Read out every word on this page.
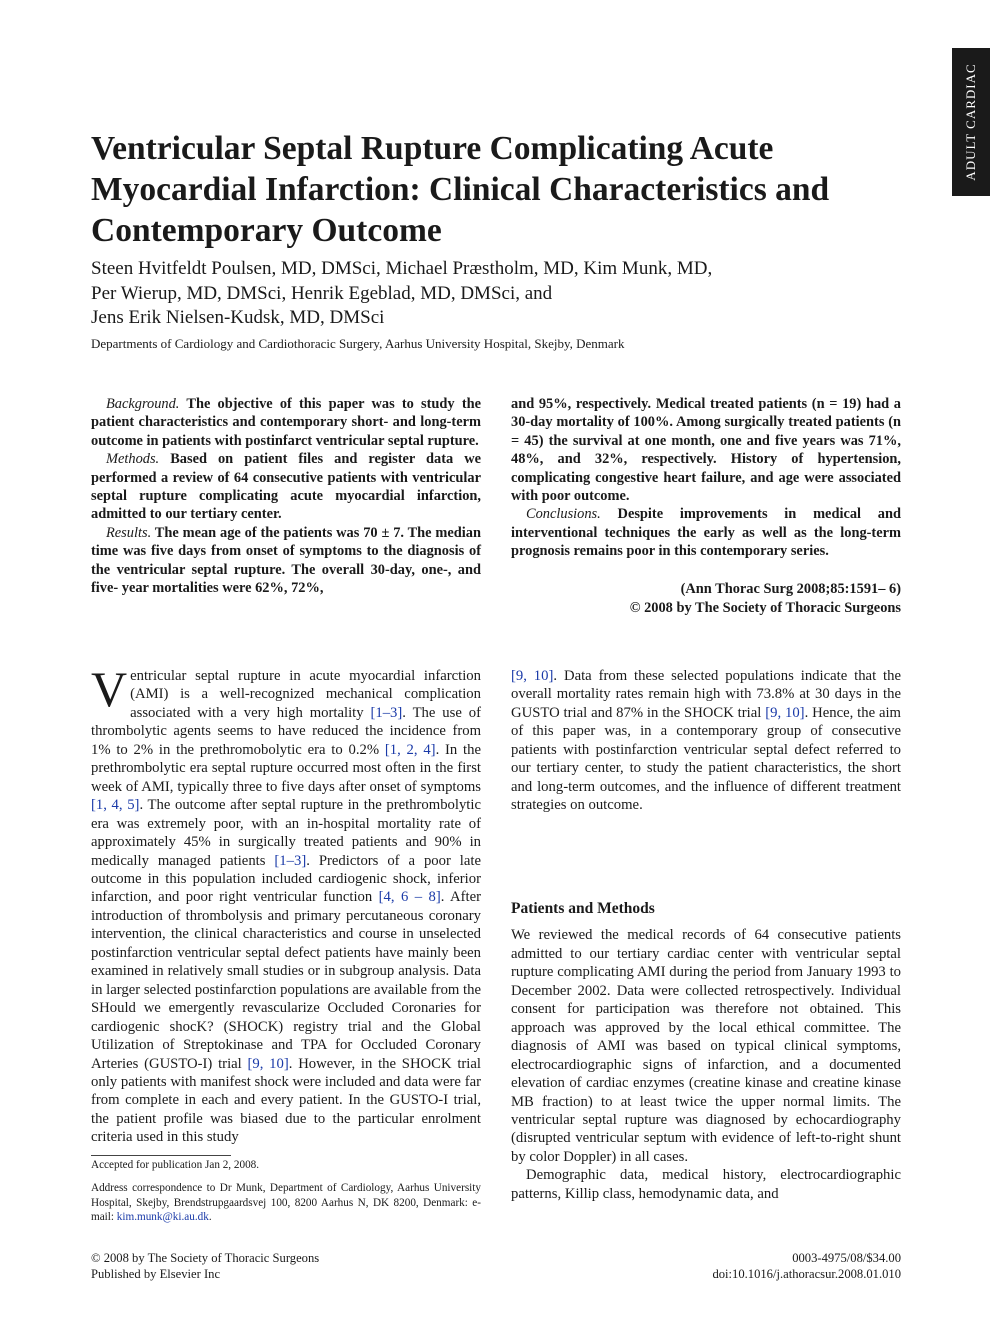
ADULT CARDIAC
Ventricular Septal Rupture Complicating Acute Myocardial Infarction: Clinical Characteristics and Contemporary Outcome
Steen Hvitfeldt Poulsen, MD, DMSci, Michael Præstholm, MD, Kim Munk, MD,
Per Wierup, MD, DMSci, Henrik Egeblad, MD, DMSci, and
Jens Erik Nielsen-Kudsk, MD, DMSci
Departments of Cardiology and Cardiothoracic Surgery, Aarhus University Hospital, Skejby, Denmark

Background. The objective of this paper was to study the patient characteristics and contemporary short- and long-term outcome in patients with postinfarct ventricular septal rupture.

Methods. Based on patient files and register data we performed a review of 64 consecutive patients with ventricular septal rupture complicating acute myocardial infarction, admitted to our tertiary center.

Results. The mean age of the patients was 70 ± 7. The median time was five days from onset of symptoms to the diagnosis of the ventricular septal rupture. The overall 30-day, one-, and five- year mortalities were 62%, 72%,

and 95%, respectively. Medical treated patients (n = 19) had a 30-day mortality of 100%. Among surgically treated patients (n = 45) the survival at one month, one and five years was 71%, 48%, and 32%, respectively. History of hypertension, complicating congestive heart failure, and age were associated with poor outcome.

Conclusions. Despite improvements in medical and interventional techniques the early as well as the long-term prognosis remains poor in this contemporary series.

(Ann Thorac Surg 2008;85:1591– 6)
© 2008 by The Society of Thoracic Surgeons

Ventricular septal rupture in acute myocardial infarction (AMI) is a well-recognized mechanical complication associated with a very high mortality [1–3]. The use of thrombolytic agents seems to have reduced the incidence from 1% to 2% in the prethromobolytic era to 0.2% [1, 2, 4]. In the prethrombolytic era septal rupture occurred most often in the first week of AMI, typically three to five days after onset of symptoms [1, 4, 5]. The outcome after septal rupture in the prethrombolytic era was extremely poor, with an in-hospital mortality rate of approximately 45% in surgically treated patients and 90% in medically managed patients [1–3]. Predictors of a poor late outcome in this population included cardiogenic shock, inferior infarction, and poor right ventricular function [4, 6 – 8]. After introduction of thrombolysis and primary percutaneous coronary intervention, the clinical characteristics and course in unselected postinfarction ventricular septal defect patients have mainly been examined in relatively small studies or in subgroup analysis. Data in larger selected postinfarction populations are available from the SHould we emergently revascularize Occluded Coronaries for cardiogenic shocK? (SHOCK) registry trial and the Global Utilization of Streptokinase and TPA for Occluded Coronary Arteries (GUSTO-I) trial [9, 10]. However, in the SHOCK trial only patients with manifest shock were included and data were far from complete in each and every patient. In the GUSTO-I trial, the patient profile was biased due to the particular enrolment criteria used in this study

[9, 10]. Data from these selected populations indicate that the overall mortality rates remain high with 73.8% at 30 days in the GUSTO trial and 87% in the SHOCK trial [9, 10]. Hence, the aim of this paper was, in a contemporary group of consecutive patients with postinfarction ventricular septal defect referred to our tertiary center, to study the patient characteristics, the short and long-term outcomes, and the influence of different treatment strategies on outcome.

Patients and Methods

We reviewed the medical records of 64 consecutive patients admitted to our tertiary cardiac center with ventricular septal rupture complicating AMI during the period from January 1993 to December 2002. Data were collected retrospectively. Individual consent for participation was therefore not obtained. This approach was approved by the local ethical committee. The diagnosis of AMI was based on typical clinical symptoms, electrocardiographic signs of infarction, and a documented elevation of cardiac enzymes (creatine kinase and creatine kinase MB fraction) to at least twice the upper normal limits. The ventricular septal rupture was diagnosed by echocardiography (disrupted ventricular septum with evidence of left-to-right shunt by color Doppler) in all cases.

Demographic data, medical history, electrocardiographic patterns, Killip class, hemodynamic data, and

Accepted for publication Jan 2, 2008.

Address correspondence to Dr Munk, Department of Cardiology, Aarhus University Hospital, Skejby, Brendstrupgaardsvej 100, 8200 Aarhus N, DK 8200, Denmark: e-mail: kim.munk@ki.au.dk.

© 2008 by The Society of Thoracic Surgeons
Published by Elsevier Inc
0003-4975/08/$34.00
doi:10.1016/j.athoracsur.2008.01.010
